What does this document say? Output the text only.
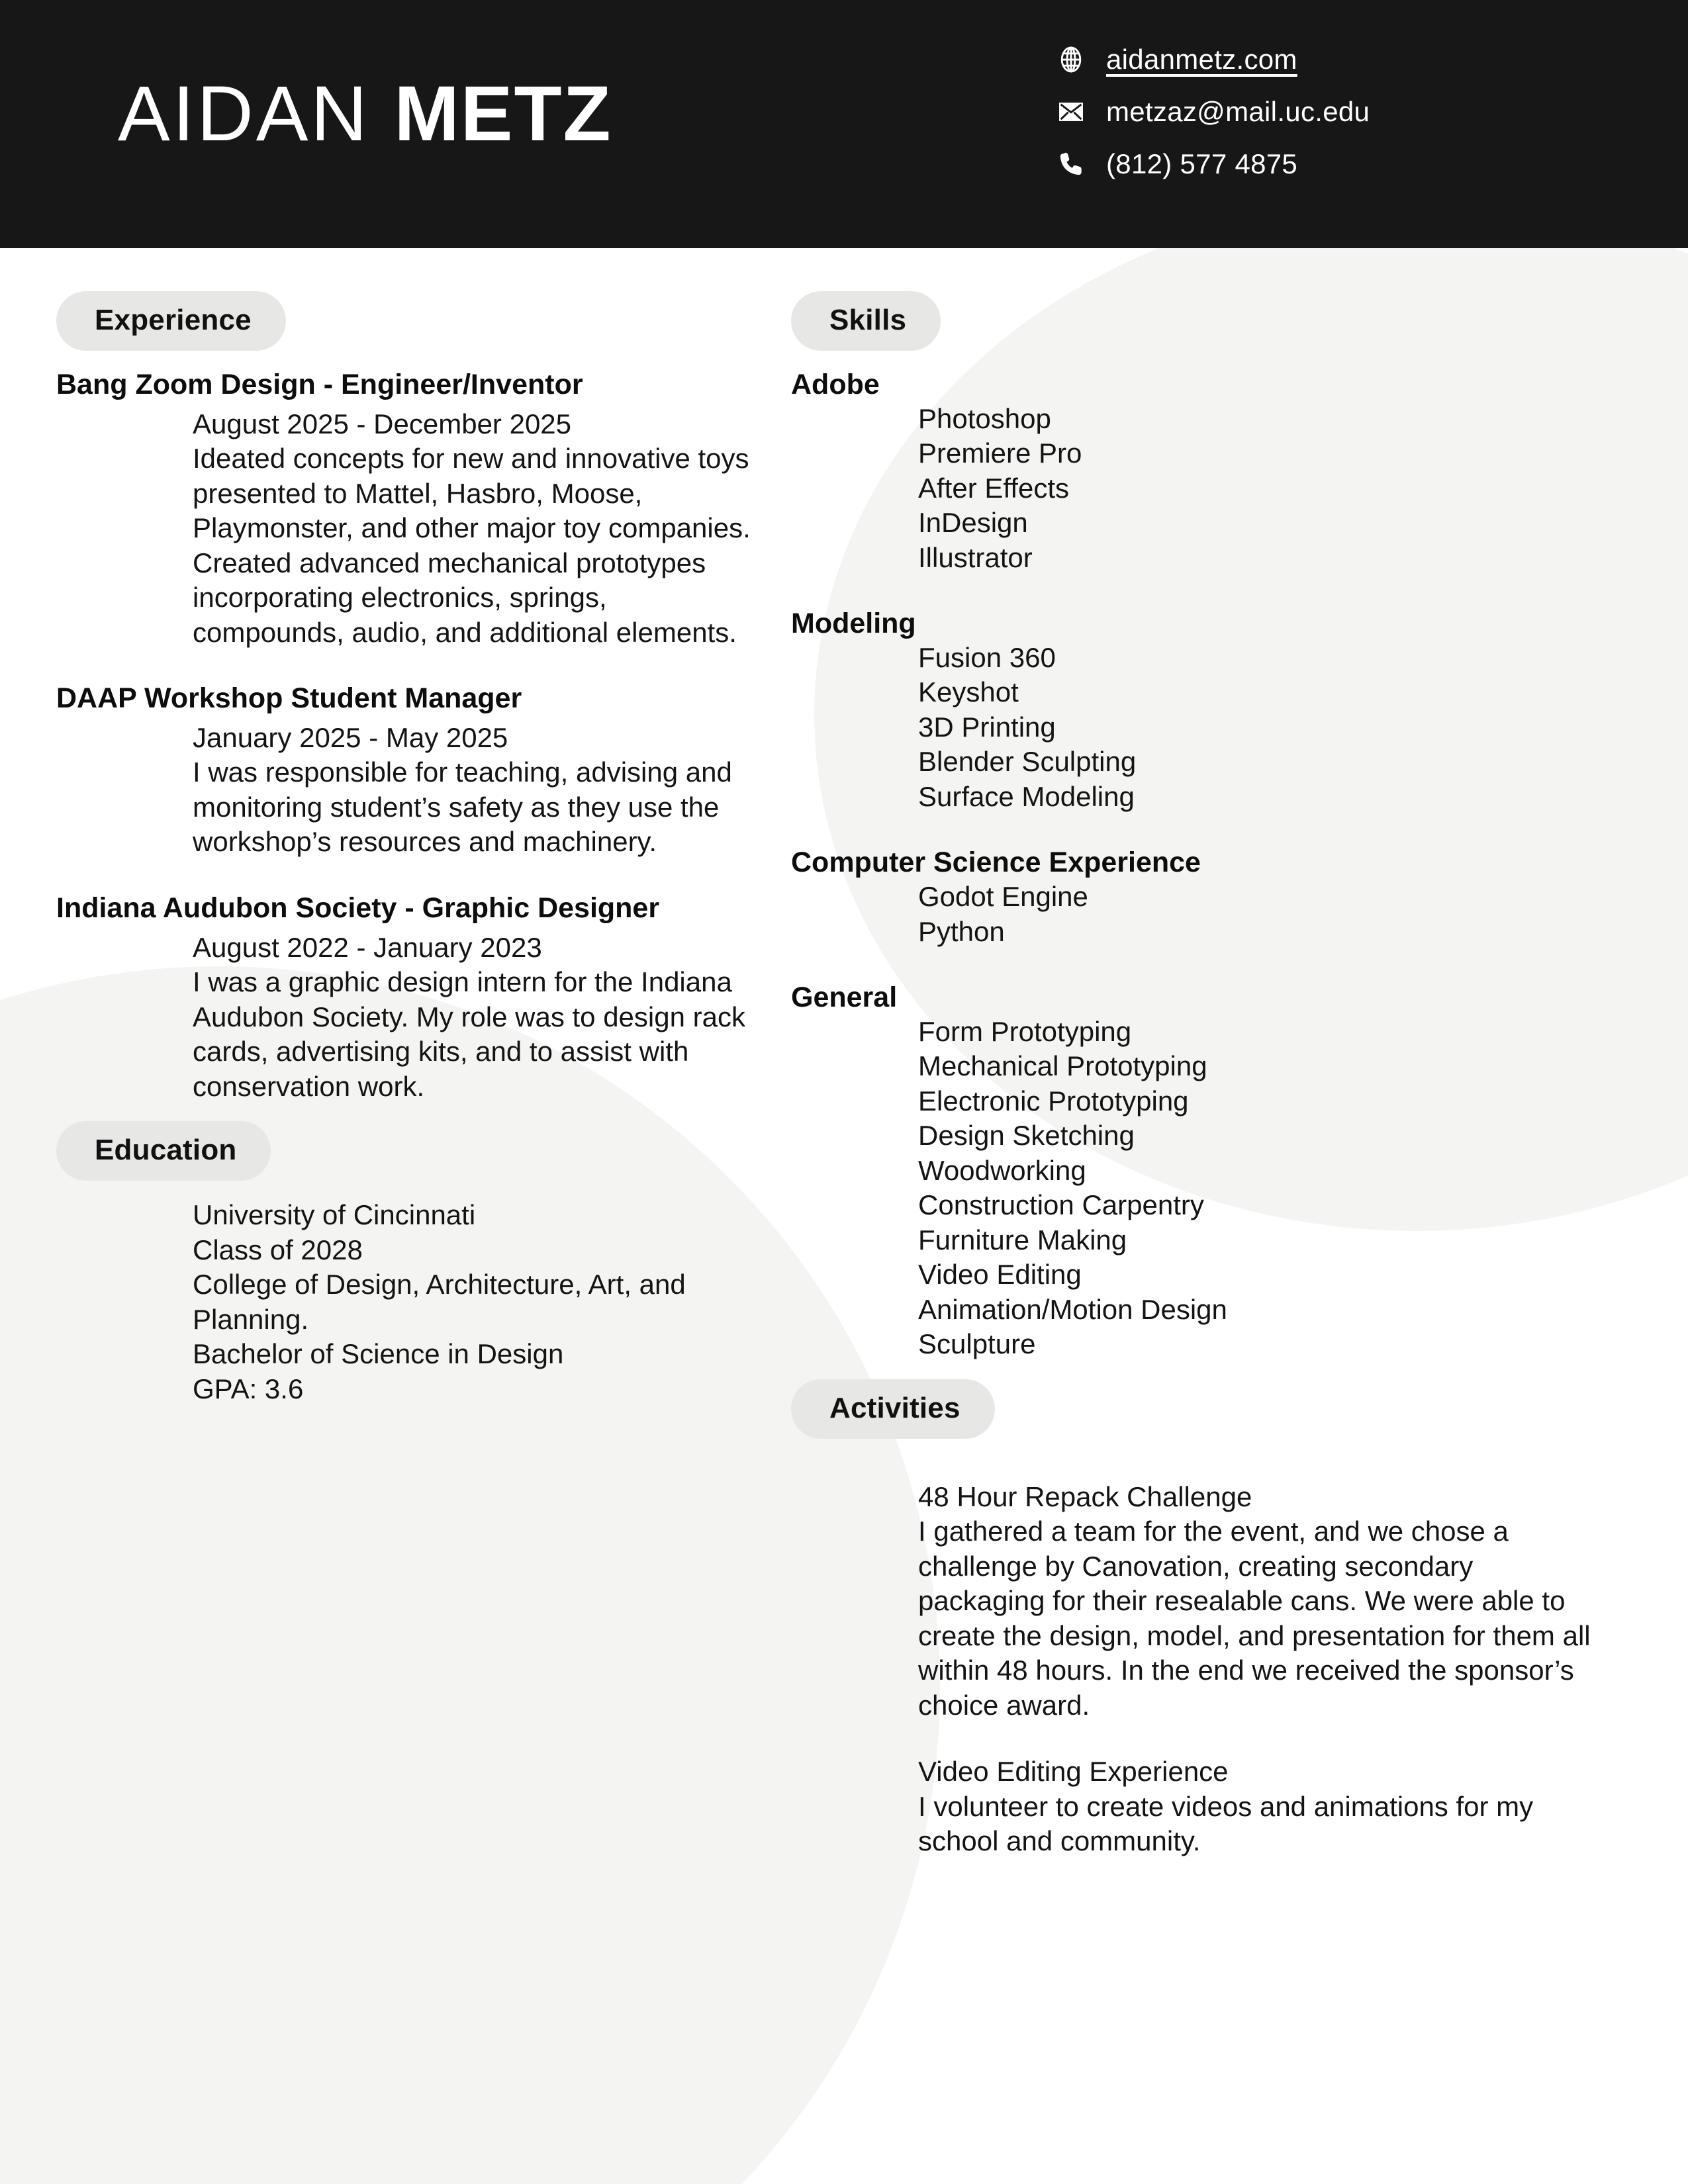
AIDAN METZ
aidanmetz.com
metzaz@mail.uc.edu
(812) 577 4875
Experience
Bang Zoom Design - Engineer/Inventor
August 2025 - December 2025
Ideated concepts for new and innovative toys presented to Mattel, Hasbro, Moose, Playmonster, and other major toy companies. Created advanced mechanical prototypes incorporating electronics, springs, compounds, audio, and additional elements.
DAAP Workshop Student Manager
January 2025 - May 2025
I was responsible for teaching, advising and monitoring student’s safety as they use the workshop’s resources and machinery.
Indiana Audubon Society - Graphic Designer
August 2022 - January 2023
I was a graphic design intern for the Indiana Audubon Society. My role was to design rack cards, advertising kits, and to assist with conservation work.
Education
University of Cincinnati
Class of 2028
College of Design, Architecture, Art, and Planning.
Bachelor of Science in Design
GPA: 3.6
Skills
Adobe
Photoshop
Premiere Pro
After Effects
InDesign
Illustrator
Modeling
Fusion 360
Keyshot
3D Printing
Blender Sculpting
Surface Modeling
Computer Science Experience
Godot Engine
Python
General
Form Prototyping
Mechanical Prototyping
Electronic Prototyping
Design Sketching
Woodworking
Construction Carpentry
Furniture Making
Video Editing
Animation/Motion Design
Sculpture
Activities
48 Hour Repack Challenge
I gathered a team for the event, and we chose a challenge by Canovation, creating secondary packaging for their resealable cans. We were able to create the design, model, and presentation for them all within 48 hours. In the end we received the sponsor’s choice award.
Video Editing Experience
I volunteer to create videos and animations for my school and community.
